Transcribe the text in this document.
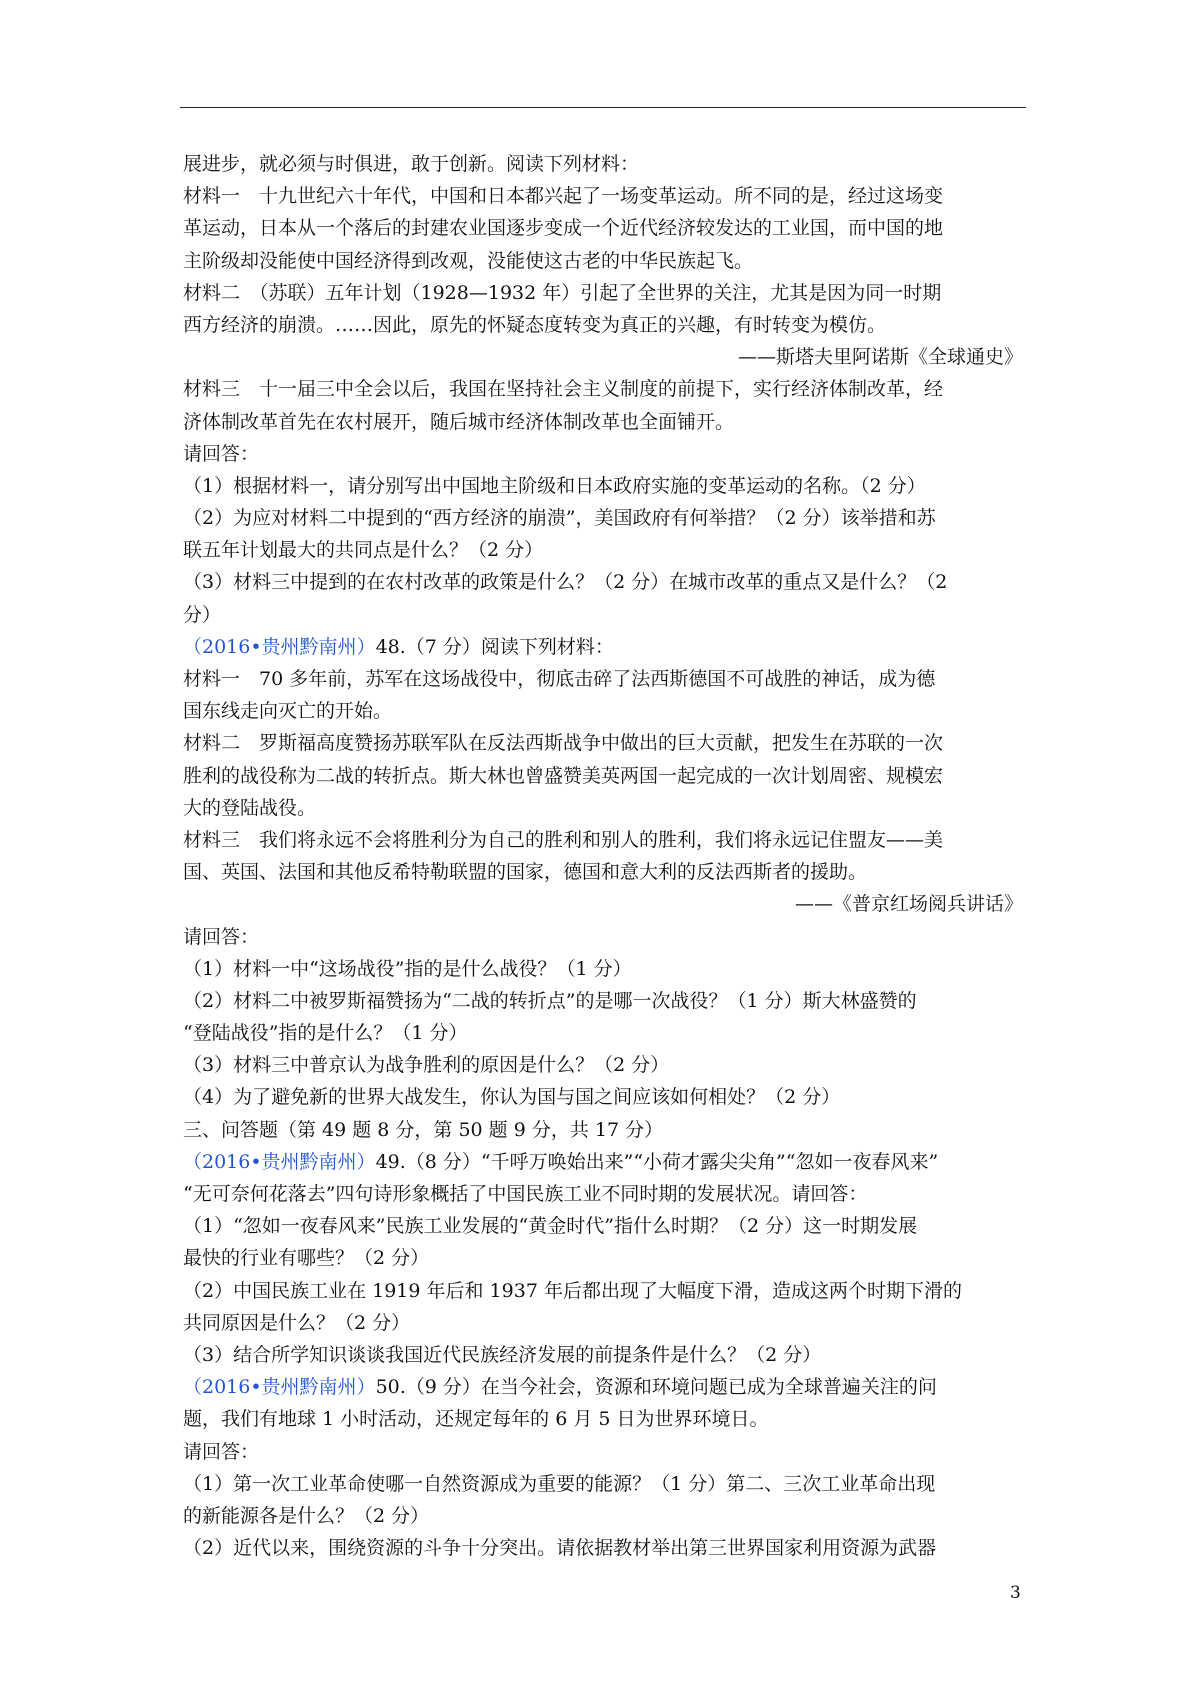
展进步，就必须与时俱进，敢于创新。阅读下列材料：
材料一　十九世纪六十年代，中国和日本都兴起了一场变革运动。所不同的是，经过这场变
革运动，日本从一个落后的封建农业国逐步变成一个近代经济较发达的工业国，而中国的地
主阶级却没能使中国经济得到改观，没能使这古老的中华民族起飞。
材料二　（苏联）五年计划（1928—1932 年）引起了全世界的关注，尤其是因为同一时期
西方经济的崩溃。……因此，原先的怀疑态度转变为真正的兴趣，有时转变为模仿。
——斯塔夫里阿诺斯《全球通史》
材料三　十一届三中全会以后，我国在坚持社会主义制度的前提下，实行经济体制改革，经
济体制改革首先在农村展开，随后城市经济体制改革也全面铺开。
请回答：
（1）根据材料一，请分别写出中国地主阶级和日本政府实施的变革运动的名称。（2 分）
（2）为应对材料二中提到的“西方经济的崩溃”，美国政府有何举措？（2 分）该举措和苏
联五年计划最大的共同点是什么？（2 分）
（3）材料三中提到的在农村改革的政策是什么？（2 分）在城市改革的重点又是什么？（2
分）
（2016•贵州黔南州）48.（7 分）阅读下列材料：
材料一　70 多年前，苏军在这场战役中，彻底击碎了法西斯德国不可战胜的神话，成为德
国东线走向灭亡的开始。
材料二　罗斯福高度赞扬苏联军队在反法西斯战争中做出的巨大贡献，把发生在苏联的一次
胜利的战役称为二战的转折点。斯大林也曾盛赞美英两国一起完成的一次计划周密、规模宏
大的登陆战役。
材料三　我们将永远不会将胜利分为自己的胜利和别人的胜利，我们将永远记住盟友——美
国、英国、法国和其他反希特勒联盟的国家，德国和意大利的反法西斯者的援助。
——《普京红场阅兵讲话》
请回答：
（1）材料一中“这场战役”指的是什么战役？（1 分）
（2）材料二中被罗斯福赞扬为“二战的转折点”的是哪一次战役？（1 分）斯大林盛赞的
“登陆战役”指的是什么？（1 分）
（3）材料三中普京认为战争胜利的原因是什么？（2 分）
（4）为了避免新的世界大战发生，你认为国与国之间应该如何相处？（2 分）
三、问答题（第 49 题 8 分，第 50 题 9 分，共 17 分）
（2016•贵州黔南州）49.（8 分）“千呼万唤始出来”“小荷才露尖尖角”“忽如一夜春风来”
“无可奈何花落去”四句诗形象概括了中国民族工业不同时期的发展状况。请回答：
（1）“忽如一夜春风来”民族工业发展的“黄金时代”指什么时期？（2 分）这一时期发展
最快的行业有哪些？（2 分）
（2）中国民族工业在 1919 年后和 1937 年后都出现了大幅度下滑，造成这两个时期下滑的
共同原因是什么？（2 分）
（3）结合所学知识谈谈我国近代民族经济发展的前提条件是什么？（2 分）
（2016•贵州黔南州）50.（9 分）在当今社会，资源和环境问题已成为全球普遍关注的问
题，我们有地球 1 小时活动，还规定每年的 6 月 5 日为世界环境日。
请回答：
（1）第一次工业革命使哪一自然资源成为重要的能源？（1 分）第二、三次工业革命出现
的新能源各是什么？（2 分）
（2）近代以来，围绕资源的斗争十分突出。请依据教材举出第三世界国家利用资源为武器
3
